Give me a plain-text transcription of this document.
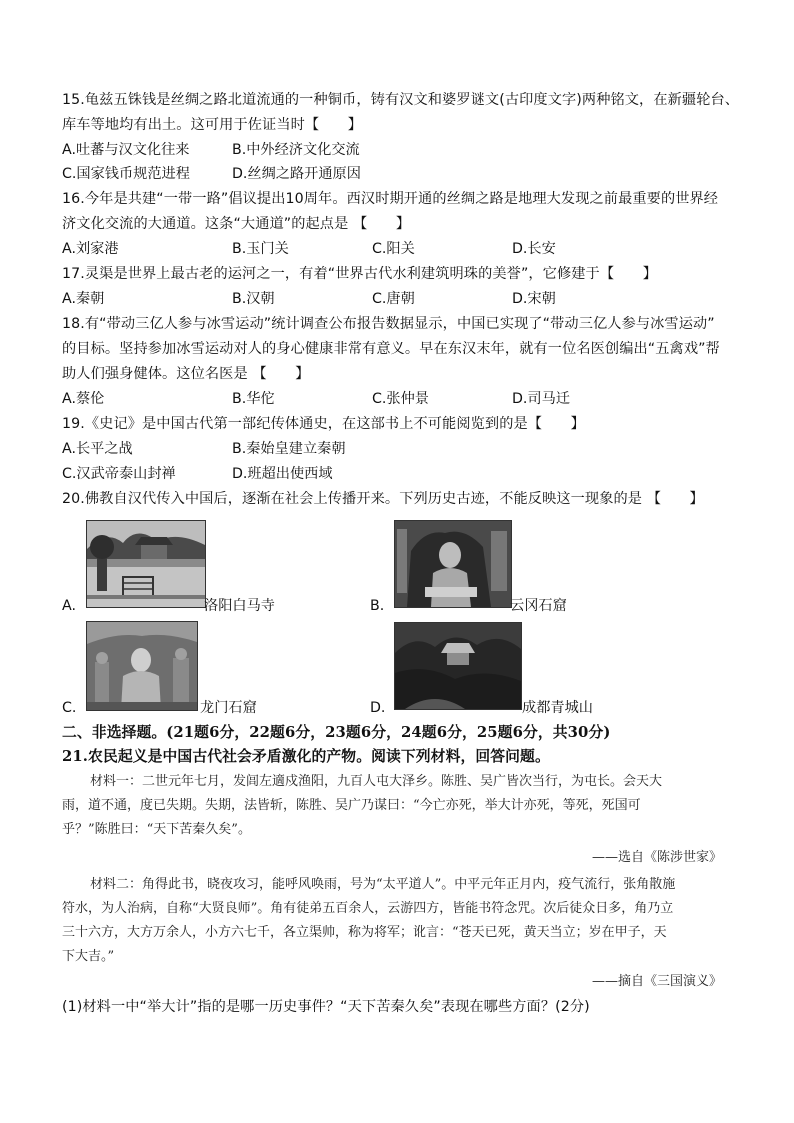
15.龟兹五铢钱是丝绸之路北道流通的一种铜币，铸有汉文和婆罗谜文(古印度文字)两种铭文，在新疆轮台、
库车等地均有出土。这可用于佐证当时【　　】
A.吐蕃与汉文化往来	B.中外经济文化交流
C.国家钱币规范进程	D.丝绸之路开通原因
16.今年是共建“一带一路”倡议提出10周年。西汉时期开通的丝绸之路是地理大发现之前最重要的世界经
济文化交流的大通道。这条“大通道”的起点是 【　　】
A.刘家港	B.玉门关	C.阳关	D.长安
17.灵渠是世界上最古老的运河之一，有着“世界古代水利建筑明珠的美誉”，它修建于【　　】
A.秦朝	B.汉朝	C.唐朝	D.宋朝
18.有“带动三亿人参与冰雪运动”统计调查公布报告数据显示，中国已实现了“带动三亿人参与冰雪运动”
的目标。坚持参加冰雪运动对人的身心健康非常有意义。早在东汉末年，就有一位名医创编出“五禽戏”帮
助人们强身健体。这位名医是 【　　】
A.蔡伦	B.华佗	C.张仲景	D.司马迁
19.《史记》是中国古代第一部纪传体通史，在这部书上不可能阅览到的是【　　】
A.长平之战	B.秦始皇建立秦朝
C.汉武帝泰山封禅	D.班超出使西域
20.佛教自汉代传入中国后，逐渐在社会上传播开来。下列历史古迹，不能反映这一现象的是 【　　】
A.	洛阳白马寺	B.	云冈石窟
C.	龙门石窟	D.	成都青城山
二、非选择题。(21题6分，22题6分，23题6分，24题6分，25题6分，共30分)
21.农民起义是中国古代社会矛盾激化的产物。阅读下列材料，回答问题。
材料一：二世元年七月，发闾左適戍渔阳，九百人屯大泽乡。陈胜、吴广皆次当行，为屯长。会天大
雨，道不通，度已失期。失期，法皆斩，陈胜、吴广乃谋曰：“今亡亦死，举大计亦死，等死，死国可
乎？”陈胜曰：“天下苦秦久矣”。
——选自《陈涉世家》
材料二：角得此书，晓夜攻习，能呼风唤雨，号为“太平道人”。中平元年正月内，疫气流行，张角散施
符水，为人治病，自称“大贤良师”。角有徒弟五百余人，云游四方，皆能书符念咒。次后徒众日多，角乃立
三十六方，大方万余人，小方六七千，各立渠帅，称为将军；讹言：“苍天已死，黄天当立；岁在甲子，天
下大吉。”
——摘自《三国演义》
(1)材料一中“举大计”指的是哪一历史事件？“天下苦秦久矣”表现在哪些方面？(2分)
